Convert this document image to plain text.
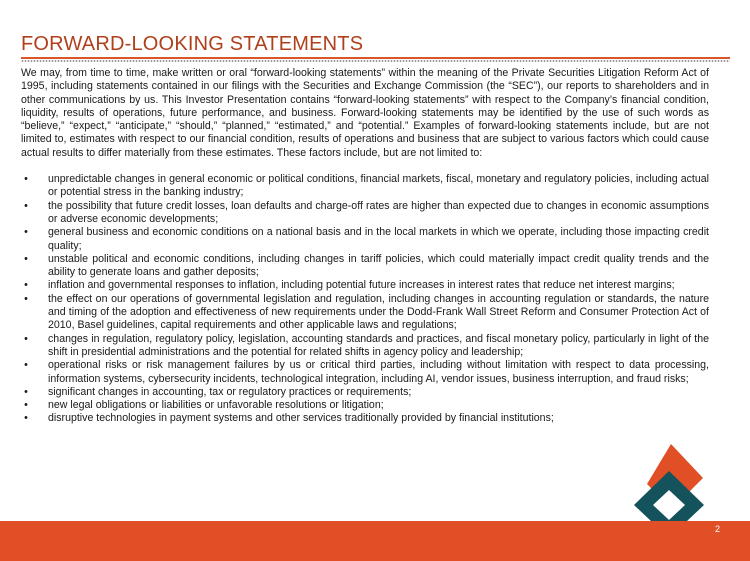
FORWARD-LOOKING STATEMENTS

We may, from time to time, make written or oral “forward-looking statements” within the meaning of the Private Securities Litigation Reform Act of 1995, including statements contained in our filings with the Securities and Exchange Commission (the “SEC”), our reports to shareholders and in other communications by us. This Investor Presentation contains “forward-looking statements” with respect to the Company’s financial condition, liquidity, results of operations, future performance, and business. Forward-looking statements may be identified by the use of such words as “believe,” “expect,” “anticipate,” “should,” “planned,” “estimated,” and “potential.” Examples of forward-looking statements include, but are not limited to, estimates with respect to our financial condition, results of operations and business that are subject to various factors which could cause actual results to differ materially from these estimates. These factors include, but are not limited to:

• unpredictable changes in general economic or political conditions, financial markets, fiscal, monetary and regulatory policies, including actual or potential stress in the banking industry;
• the possibility that future credit losses, loan defaults and charge-off rates are higher than expected due to changes in economic assumptions or adverse economic developments;
• general business and economic conditions on a national basis and in the local markets in which we operate, including those impacting credit quality;
• unstable political and economic conditions, including changes in tariff policies, which could materially impact credit quality trends and the ability to generate loans and gather deposits;
• inflation and governmental responses to inflation, including potential future increases in interest rates that reduce net interest margins;
• the effect on our operations of governmental legislation and regulation, including changes in accounting regulation or standards, the nature and timing of the adoption and effectiveness of new requirements under the Dodd-Frank Wall Street Reform and Consumer Protection Act of 2010, Basel guidelines, capital requirements and other applicable laws and regulations;
• changes in regulation, regulatory policy, legislation, accounting standards and practices, and fiscal monetary policy, particularly in light of the shift in presidential administrations and the potential for related shifts in agency policy and leadership;
• operational risks or risk management failures by us or critical third parties, including without limitation with respect to data processing, information systems, cybersecurity incidents, technological integration, including AI, vendor issues, business interruption, and fraud risks;
• significant changes in accounting, tax or regulatory practices or requirements;
• new legal obligations or liabilities or unfavorable resolutions or litigation;
• disruptive technologies in payment systems and other services traditionally provided by financial institutions;
2
